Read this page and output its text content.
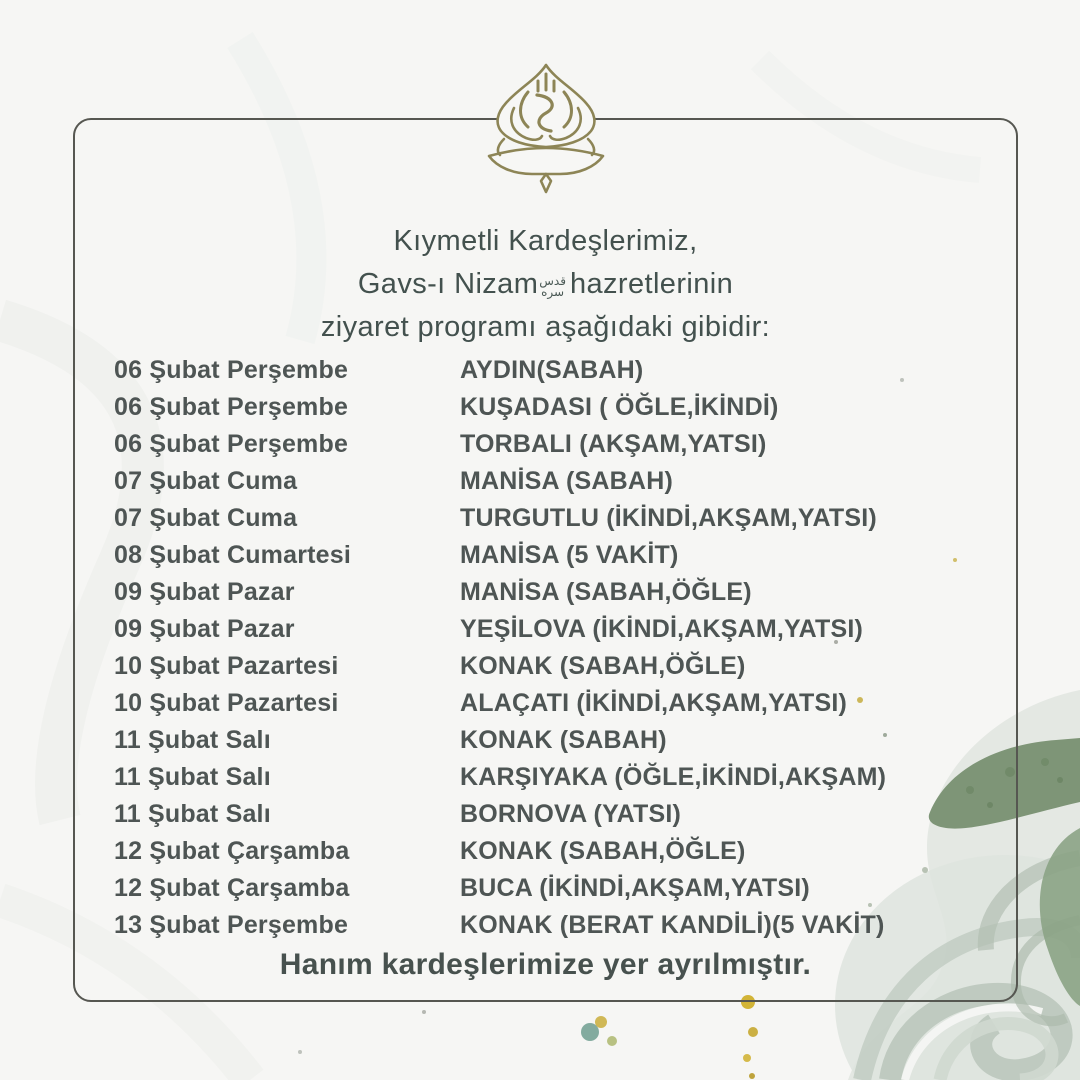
Kıymetli Kardeşlerimiz,
Gavs-ı Nizam قدس
سره hazretlerinin
ziyaret programı aşağıdaki gibidir:
06 Şubat Perşembe	AYDIN(SABAH)
06 Şubat Perşembe	KUŞADASI ( ÖĞLE,İKİNDİ)
06 Şubat Perşembe	TORBALI (AKŞAM,YATSI)
07 Şubat Cuma	MANİSA (SABAH)
07 Şubat Cuma	TURGUTLU (İKİNDİ,AKŞAM,YATSI)
08 Şubat Cumartesi	MANİSA (5 VAKİT)
09 Şubat Pazar	MANİSA (SABAH,ÖĞLE)
09 Şubat Pazar	YEŞİLOVA (İKİNDİ,AKŞAM,YATSI)
10 Şubat Pazartesi	KONAK (SABAH,ÖĞLE)
10 Şubat Pazartesi	ALAÇATI (İKİNDİ,AKŞAM,YATSI)
11 Şubat Salı	KONAK (SABAH)
11 Şubat Salı	KARŞIYAKA (ÖĞLE,İKİNDİ,AKŞAM)
11 Şubat Salı	BORNOVA (YATSI)
12 Şubat Çarşamba	KONAK (SABAH,ÖĞLE)
12 Şubat Çarşamba	BUCA (İKİNDİ,AKŞAM,YATSI)
13 Şubat Perşembe	KONAK (BERAT KANDİLİ)(5 VAKİT)
Hanım kardeşlerimize yer ayrılmıştır.
